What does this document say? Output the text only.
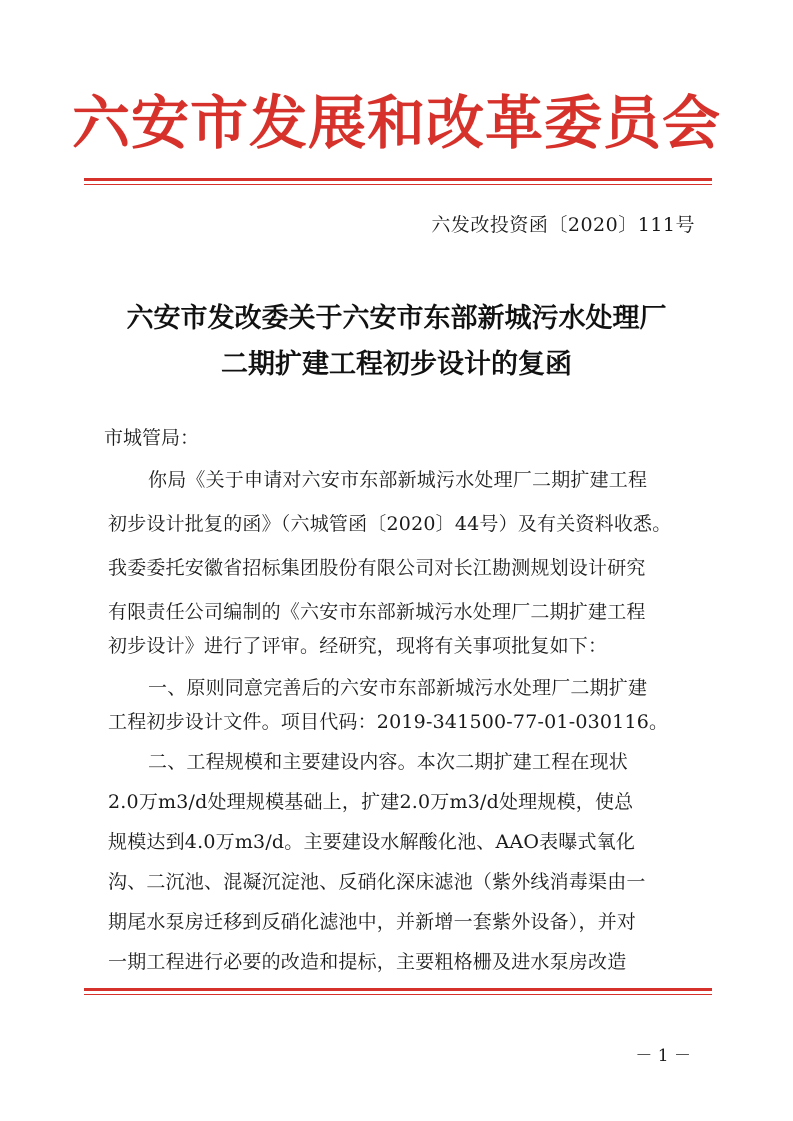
六安市发展和改革委员会
六发改投资函〔2020〕111号
六安市发改委关于六安市东部新城污水处理厂
二期扩建工程初步设计的复函
市城管局：
你局《关于申请对六安市东部新城污水处理厂二期扩建工程
初步设计批复的函》（六城管函〔2020〕44号）及有关资料收悉。
我委委托安徽省招标集团股份有限公司对长江勘测规划设计研究
有限责任公司编制的《六安市东部新城污水处理厂二期扩建工程
初步设计》进行了评审。经研究，现将有关事项批复如下：
一、原则同意完善后的六安市东部新城污水处理厂二期扩建
工程初步设计文件。项目代码：2019-341500-77-01-030116。
二、工程规模和主要建设内容。本次二期扩建工程在现状
2.0万m3/d处理规模基础上，扩建2.0万m3/d处理规模，使总
规模达到4.0万m3/d。主要建设水解酸化池、AAO表曝式氧化
沟、二沉池、混凝沉淀池、反硝化深床滤池（紫外线消毒渠由一
期尾水泵房迁移到反硝化滤池中，并新增一套紫外设备），并对
一期工程进行必要的改造和提标，主要粗格栅及进水泵房改造
－ 1 －
